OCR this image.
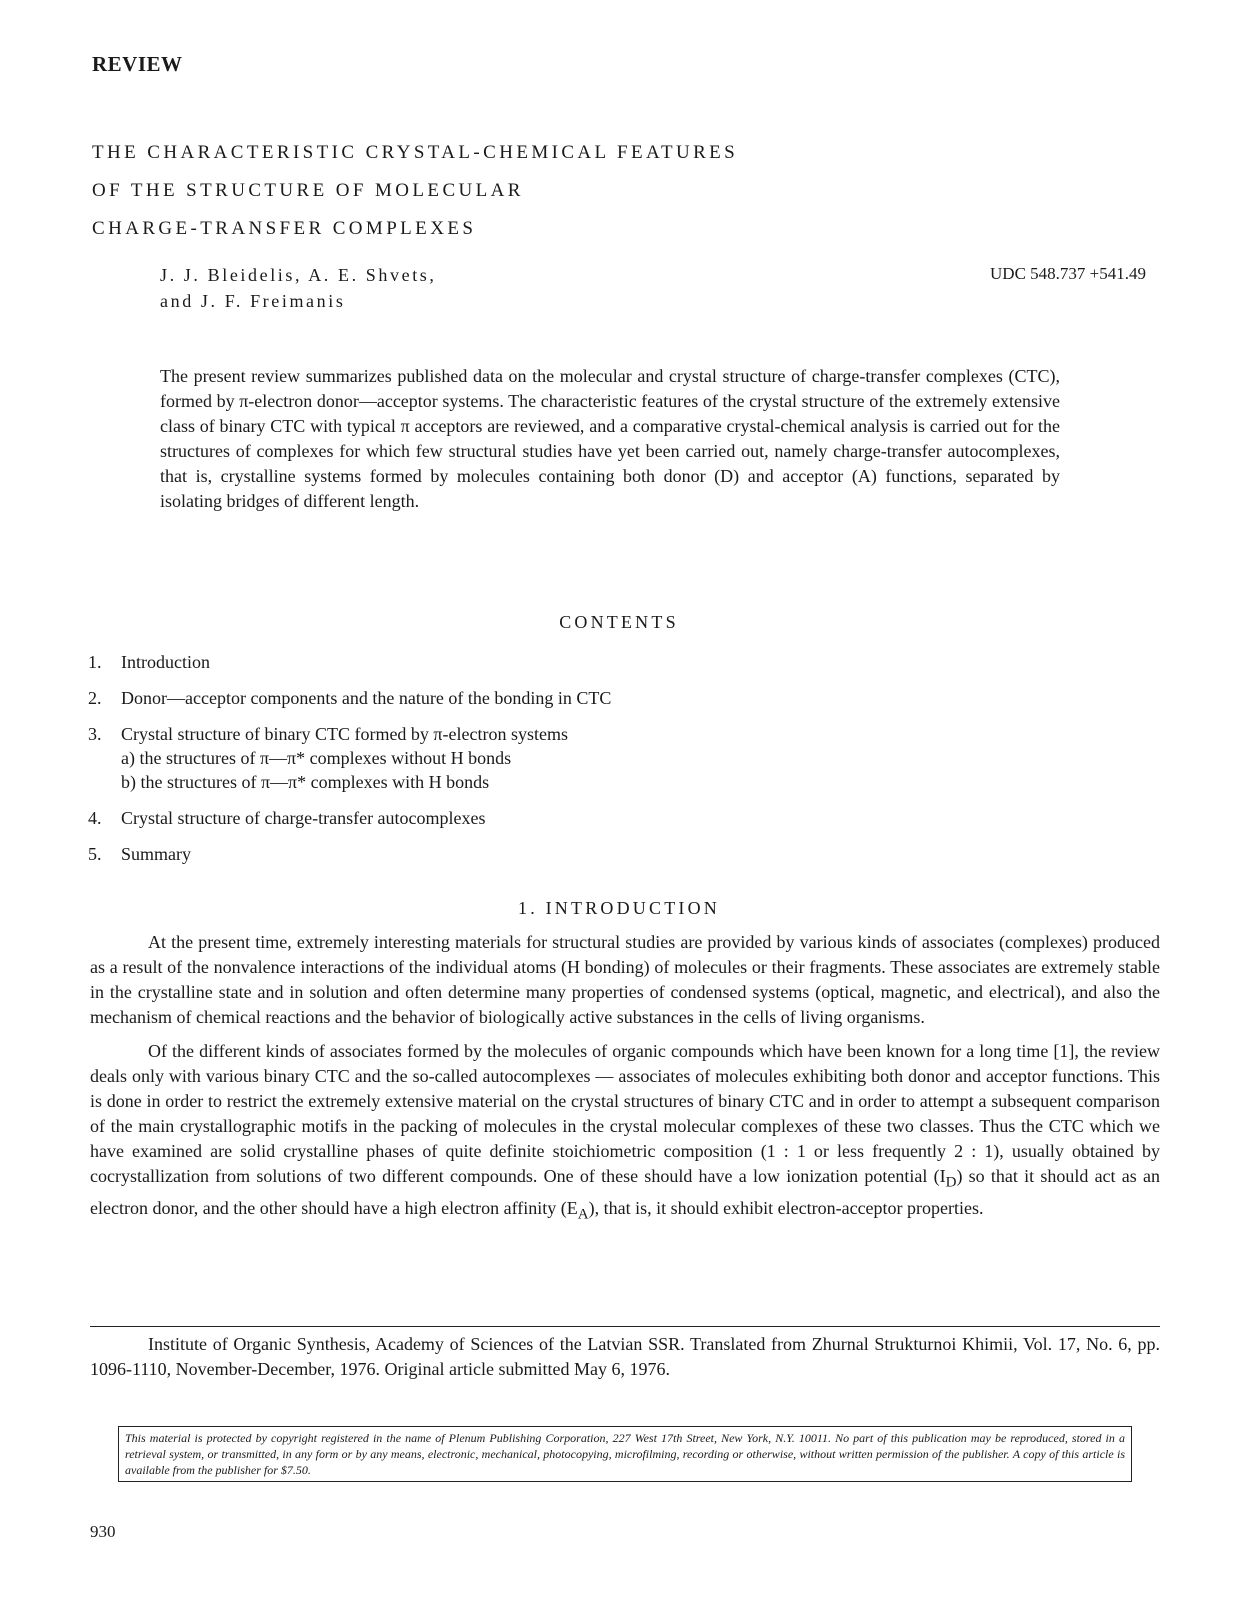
REVIEW
THE CHARACTERISTIC CRYSTAL-CHEMICAL FEATURES
OF THE STRUCTURE OF MOLECULAR
CHARGE-TRANSFER COMPLEXES
J. J. Bleidelis, A. E. Shvets,
and J. F. Freimanis
UDC 548.737 +541.49
The present review summarizes published data on the molecular and crystal structure of charge-transfer complexes (CTC), formed by π-electron donor—acceptor systems. The characteristic features of the crystal structure of the extremely extensive class of binary CTC with typical π acceptors are reviewed, and a comparative crystal-chemical analysis is carried out for the structures of complexes for which few structural studies have yet been carried out, namely charge-transfer autocomplexes, that is, crystalline systems formed by molecules containing both donor (D) and acceptor (A) functions, separated by isolating bridges of different length.
CONTENTS
1. Introduction
2. Donor—acceptor components and the nature of the bonding in CTC
3. Crystal structure of binary CTC formed by π-electron systems
a) the structures of π—π* complexes without H bonds
b) the structures of π—π* complexes with H bonds
4. Crystal structure of charge-transfer autocomplexes
5. Summary
1. INTRODUCTION

At the present time, extremely interesting materials for structural studies are provided by various kinds of associates (complexes) produced as a result of the nonvalence interactions of the individual atoms (H bonding) of molecules or their fragments. These associates are extremely stable in the crystalline state and in solution and often determine many properties of condensed systems (optical, magnetic, and electrical), and also the mechanism of chemical reactions and the behavior of biologically active substances in the cells of living organisms.

Of the different kinds of associates formed by the molecules of organic compounds which have been known for a long time [1], the review deals only with various binary CTC and the so-called autocomplexes — associates of molecules exhibiting both donor and acceptor functions. This is done in order to restrict the extremely extensive material on the crystal structures of binary CTC and in order to attempt a subsequent comparison of the main crystallographic motifs in the packing of molecules in the crystal molecular complexes of these two classes. Thus the CTC which we have examined are solid crystalline phases of quite definite stoichiometric composition (1 : 1 or less frequently 2 : 1), usually obtained by cocrystallization from solutions of two different compounds. One of these should have a low ionization potential $(I_D)$ so that it should act as an electron donor, and the other should have a high electron affinity $(E_A)$, that is, it should exhibit electron-acceptor properties.

Institute of Organic Synthesis, Academy of Sciences of the Latvian SSR. Translated from Zhurnal Strukturnoi Khimii, Vol. 17, No. 6, pp. 1096-1110, November-December, 1976. Original article submitted May 6, 1976.
This material is protected by copyright registered in the name of Plenum Publishing Corporation, 227 West 17th Street, New York, N.Y. 10011. No part of this publication may be reproduced, stored in a retrieval system, or transmitted, in any form or by any means, electronic, mechanical, photocopying, microfilming, recording or otherwise, without written permission of the publisher. A copy of this article is available from the publisher for $7.50.
930
